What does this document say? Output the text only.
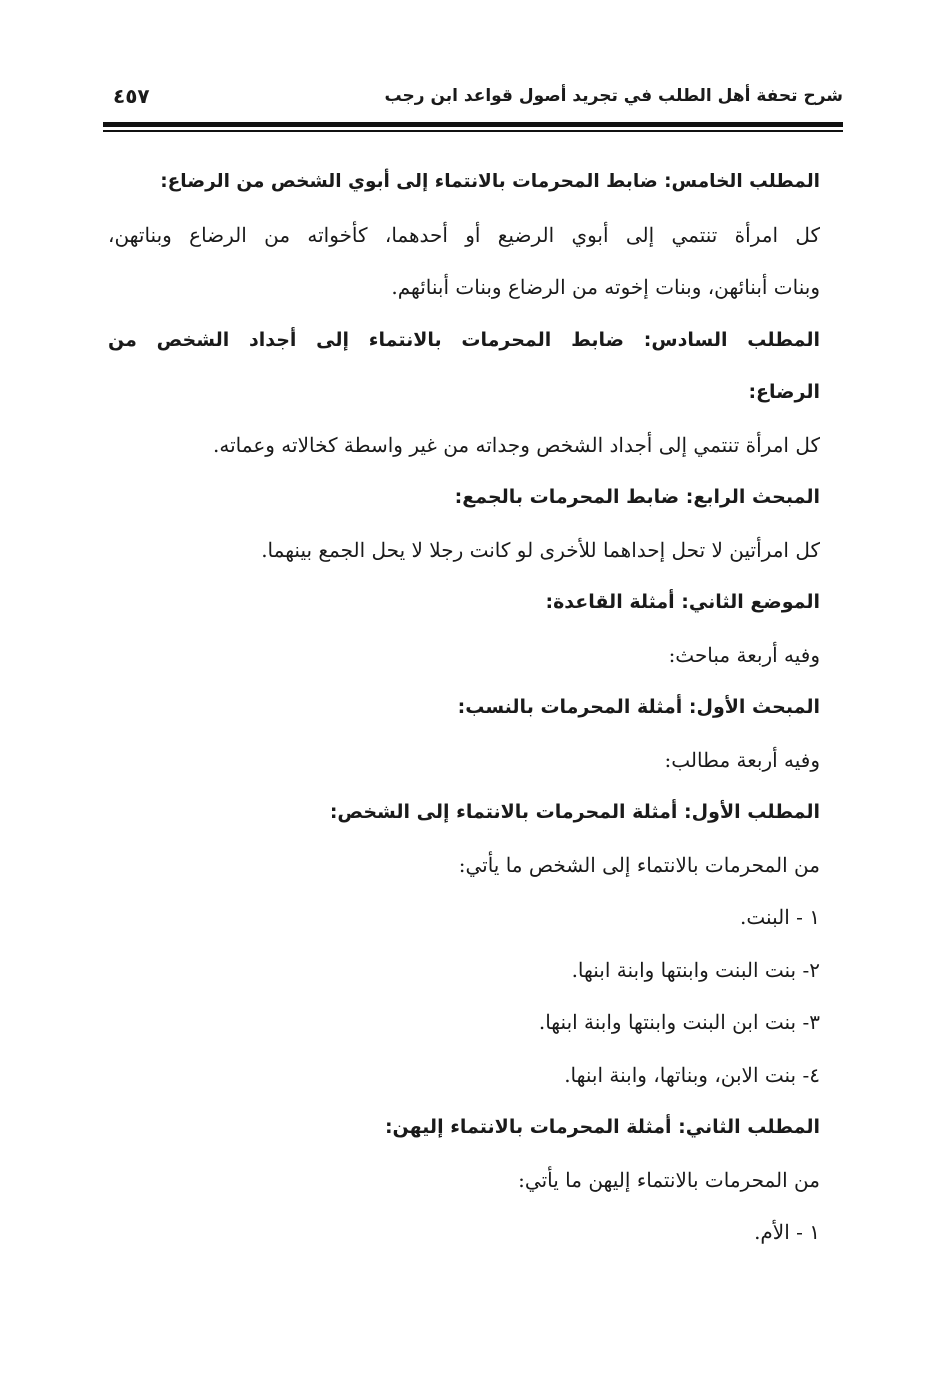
شرح تحفة أهل الطلب في تجريد أصول قواعد ابن رجب
٤٥٧
المطلب الخامس: ضابط المحرمات بالانتماء إلى أبوي الشخص من الرضاع:
كل امرأة تنتمي إلى أبوي الرضيع أو أحدهما، كأخواته من الرضاع وبناتهن،
وبنات أبنائهن، وبنات إخوته من الرضاع وبنات أبنائهم.
المطلب السادس: ضابط المحرمات بالانتماء إلى أجداد الشخص من
الرضاع:
كل امرأة تنتمي إلى أجداد الشخص وجداته من غير واسطة كخالاته وعماته.
المبحث الرابع: ضابط المحرمات بالجمع:
كل امرأتين لا تحل إحداهما للأخرى لو كانت رجلا لا يحل الجمع بينهما.
الموضع الثاني: أمثلة القاعدة:
وفيه أربعة مباحث:
المبحث الأول: أمثلة المحرمات بالنسب:
وفيه أربعة مطالب:
المطلب الأول: أمثلة المحرمات بالانتماء إلى الشخص:
من المحرمات بالانتماء إلى الشخص ما يأتي:
١ - البنت.
٢- بنت البنت وابنتها وابنة ابنها.
٣- بنت ابن البنت وابنتها وابنة ابنها.
٤- بنت الابن، وبناتها، وابنة ابنها.
المطلب الثاني: أمثلة المحرمات بالانتماء إليهن:
من المحرمات بالانتماء إليهن ما يأتي:
١ - الأم.
